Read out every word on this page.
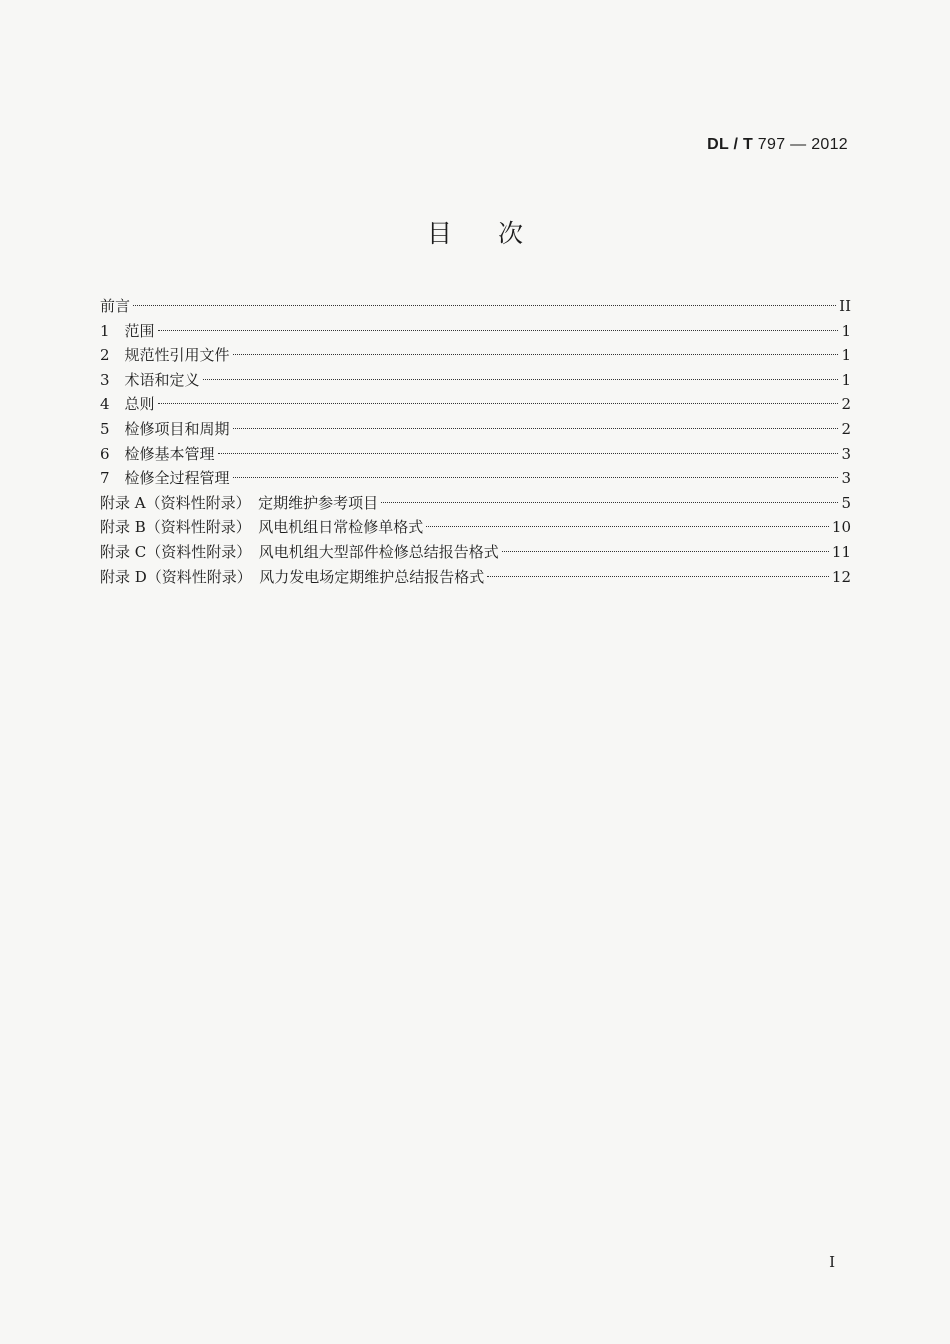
DL / T 797 — 2012
目次
前言	II
1　范围	1
2　规范性引用文件	1
3　术语和定义	1
4　总则	2
5　检修项目和周期	2
6　检修基本管理	3
7　检修全过程管理	3
附录 A（资料性附录）　定期维护参考项目	5
附录 B（资料性附录）　风电机组日常检修单格式	10
附录 C（资料性附录）　风电机组大型部件检修总结报告格式	11
附录 D（资料性附录）　风力发电场定期维护总结报告格式	12
I
